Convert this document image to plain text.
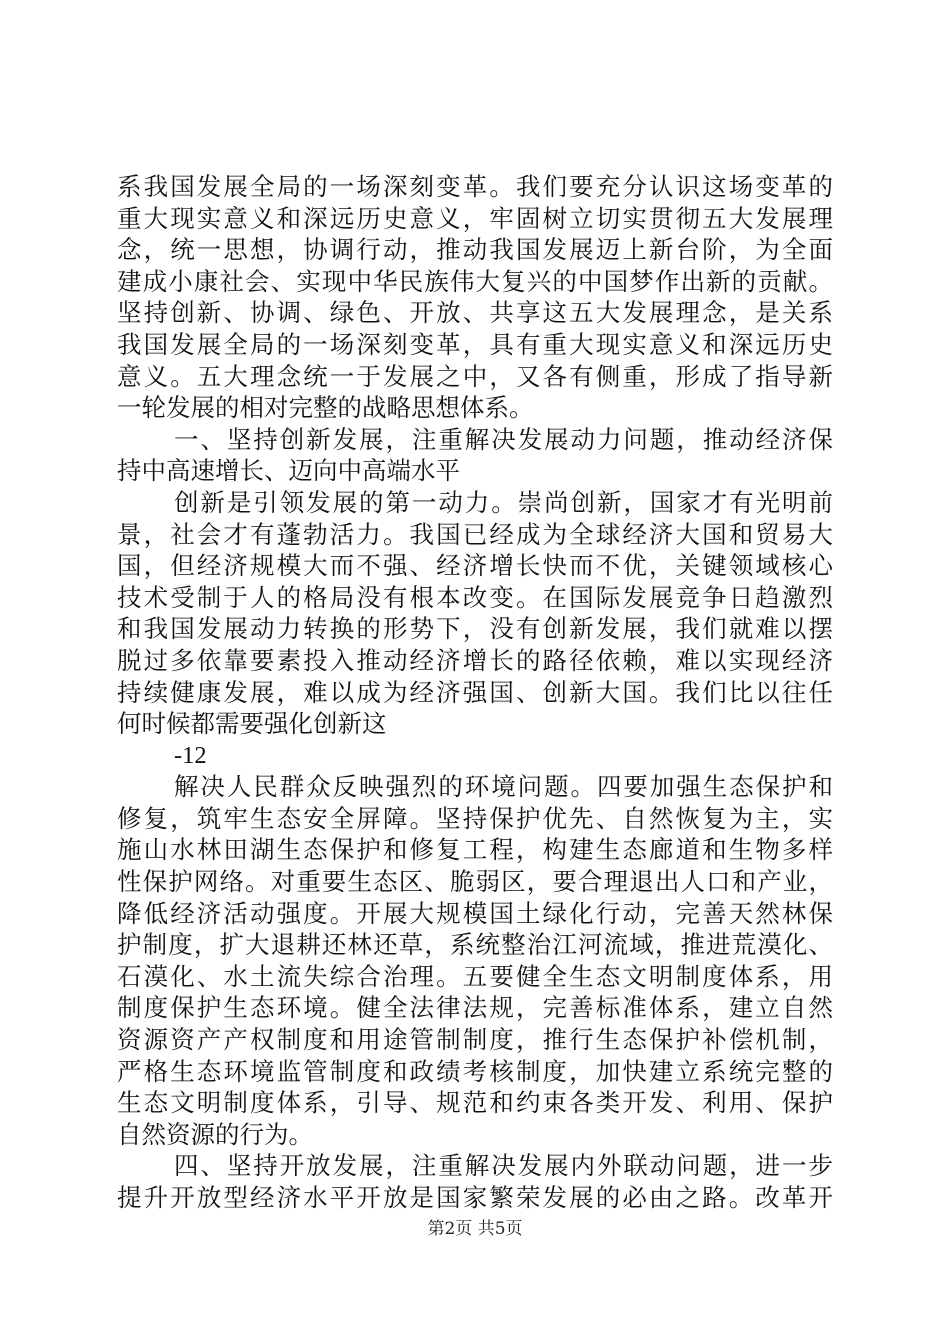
系我国发展全局的一场深刻变革。我们要充分认识这场变革的
重大现实意义和深远历史意义，牢固树立切实贯彻五大发展理
念，统一思想，协调行动，推动我国发展迈上新台阶，为全面
建成小康社会、实现中华民族伟大复兴的中国梦作出新的贡献。
坚持创新、协调、绿色、开放、共享这五大发展理念，是关系
我国发展全局的一场深刻变革，具有重大现实意义和深远历史
意义。五大理念统一于发展之中，又各有侧重，形成了指导新
一轮发展的相对完整的战略思想体系。
一、坚持创新发展，注重解决发展动力问题，推动经济保
持中高速增长、迈向中高端水平
创新是引领发展的第一动力。崇尚创新，国家才有光明前
景，社会才有蓬勃活力。我国已经成为全球经济大国和贸易大
国，但经济规模大而不强、经济增长快而不优，关键领域核心
技术受制于人的格局没有根本改变。在国际发展竞争日趋激烈
和我国发展动力转换的形势下，没有创新发展，我们就难以摆
脱过多依靠要素投入推动经济增长的路径依赖，难以实现经济
持续健康发展，难以成为经济强国、创新大国。我们比以往任
何时候都需要强化创新这
-12
解决人民群众反映强烈的环境问题。四要加强生态保护和
修复，筑牢生态安全屏障。坚持保护优先、自然恢复为主，实
施山水林田湖生态保护和修复工程，构建生态廊道和生物多样
性保护网络。对重要生态区、脆弱区，要合理退出人口和产业，
降低经济活动强度。开展大规模国土绿化行动，完善天然林保
护制度，扩大退耕还林还草，系统整治江河流域，推进荒漠化、
石漠化、水土流失综合治理。五要健全生态文明制度体系，用
制度保护生态环境。健全法律法规，完善标准体系，建立自然
资源资产产权制度和用途管制制度，推行生态保护补偿机制，
严格生态环境监管制度和政绩考核制度，加快建立系统完整的
生态文明制度体系，引导、规范和约束各类开发、利用、保护
自然资源的行为。
四、坚持开放发展，注重解决发展内外联动问题，进一步
提升开放型经济水平开放是国家繁荣发展的必由之路。改革开
第2页 共5页
